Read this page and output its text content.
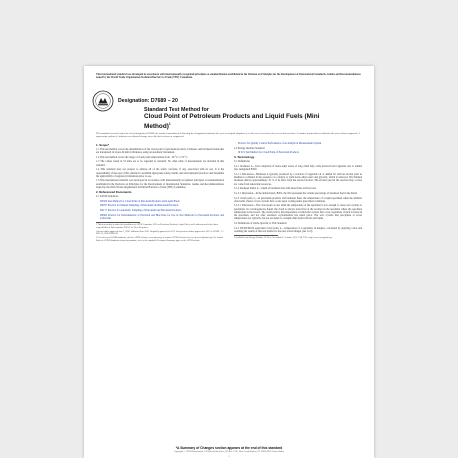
This international standard was developed in accordance with internationally recognized principles on standardization established in the Decision on Principles for the Development of International Standards, Guides and Recommendations issued by the World Trade Organization Technical Barriers to Trade (TBT) Committee.
Designation: D7689 − 20
Standard Test Method for
Cloud Point of Petroleum Products and Liquid Fuels (Mini Method)$^1$
This standard is issued under the fixed designation D7689; the number immediately following the designation indicates the year of original adoption or, in the case of revision, the year of last revision. A number in parentheses indicates the year of last reapproval. A superscript epsilon (ε) indicates an editorial change since the last revision or reapproval.
1. Scope*
1.1 This test method covers the determination of the cloud point of petroleum products, biodiesel, and biodiesel blends that are transparent in layers 40 mm in thickness, using an automatic instrument.
1.2 This test method covers the range of cloud point temperatures from −56 °C to +6 °C.
1.3 The values stated in SI units are to be regarded as standard. No other units of measurement are included in this standard.
1.4 This standard does not purport to address all of the safety concerns, if any, associated with its use. It is the responsibility of the user of this standard to establish appropriate safety, health, and environmental practices and determine the applicability of regulatory limitations prior to use.
1.5 This international standard was developed in accordance with internationally recognized principles on standardization established in the Decision on Principles for the Development of International Standards, Guides and Recommendations issued by the World Trade Organization Technical Barriers to Trade (TBT) Committee.
2. Referenced Documents
2.1 ASTM Standards:
D2500 Test Method for Cloud Point of Petroleum Products and Liquid Fuels
D4057 Practice for Manual Sampling of Petroleum and Petroleum Products
D4177 Practice for Automatic Sampling of Petroleum and Petroleum Products
D6300 Practice for Determination of Precision and Bias Data for Use in Test Methods for Petroleum Products and Lubricants
1 This test method is under the jurisdiction of ASTM Committee D02 on Petroleum Products, Liquid Fuels, and Lubricants and is the direct responsibility of Subcommittee D02.07 on Flow Properties.
Current edition approved June 1, 2020. Published June 2020. Originally approved in 2011. Last previous edition approved in 2017 as D7689 – 17. DOI: 10.1520/D7689-20.
2 For referenced ASTM standards, visit the ASTM website, www.astm.org, or contact ASTM Customer Service at service@astm.org. For Annual Book of ASTM Standards volume information, refer to the standard's Document Summary page on the ASTM website.
Practice for Quality Control Performance of an Analytical Measurement System
2.2 Energy Institute Standard:
IP 219 Test Method for Cloud Point of Petroleum Products
3. Terminology
3.1 Definitions:
3.1.1 biodiesel, n.—fuel comprised of mono-alkyl esters of long chain fatty acids derived from vegetable oils or animal fats, designated B100.
3.1.1.1 Discussion—Biodiesel is typically produced by a reaction of vegetable oil or animal fat with an alcohol such as methanol or ethanol in the presence of a catalyst to yield mono-alkyl esters and glycerin, which is removed. The finished biodiesel derives approximately 10 % of its mass from the reacted alcohol. The alcohol used in the reaction may or may not come from renewable resources.
3.1.2 biodiesel blend, n.—blend of biodiesel fuel with diesel fuels and fuel oils.
3.1.2.1 Discussion—In the abbreviation, BXX, the XX represents the volume percentage of biodiesel fuel in the blend.
3.1.3 cloud point, n.—in petroleum products and biodiesel fuels, the temperature of a liquid specimen when the smallest observable cluster of wax crystals first occurs upon cooling under prescribed conditions.
3.1.3.1 Discussion—The cloud point occurs when the temperature of the specimen is low enough to cause wax crystals to precipitate. In a homogeneous liquid, the cloud is always noted first at the location in the specimen where the specimen temperature is the lowest. The cloud point is the temperature at which the crystals first occur, regardless of their location in the specimen, and not after extensive crystallization has taken place. The wax crystals that precipitate at lower temperatures are typically, but not excluded to, straight-chain hydrocarbons and lipids.
3.2 Definitions of Terms Specific to This Standard:
3.2.1 D2500/IP219 equivalent cloud point, n.—temperature of a specimen, in integers, calculated by applying a bias and rounding the results of this test method to the next lowest integer (see 12.2).
3 Available from Energy Institute, 61 New Cavendish St., London, W1G 7AR, U.K., http://www.energyinst.org.
*A Summary of Changes section appears at the end of this standard
Copyright © ASTM International, 100 Barr Harbor Drive, PO Box C700, West Conshohocken, PA 19428-2959. United States
1
